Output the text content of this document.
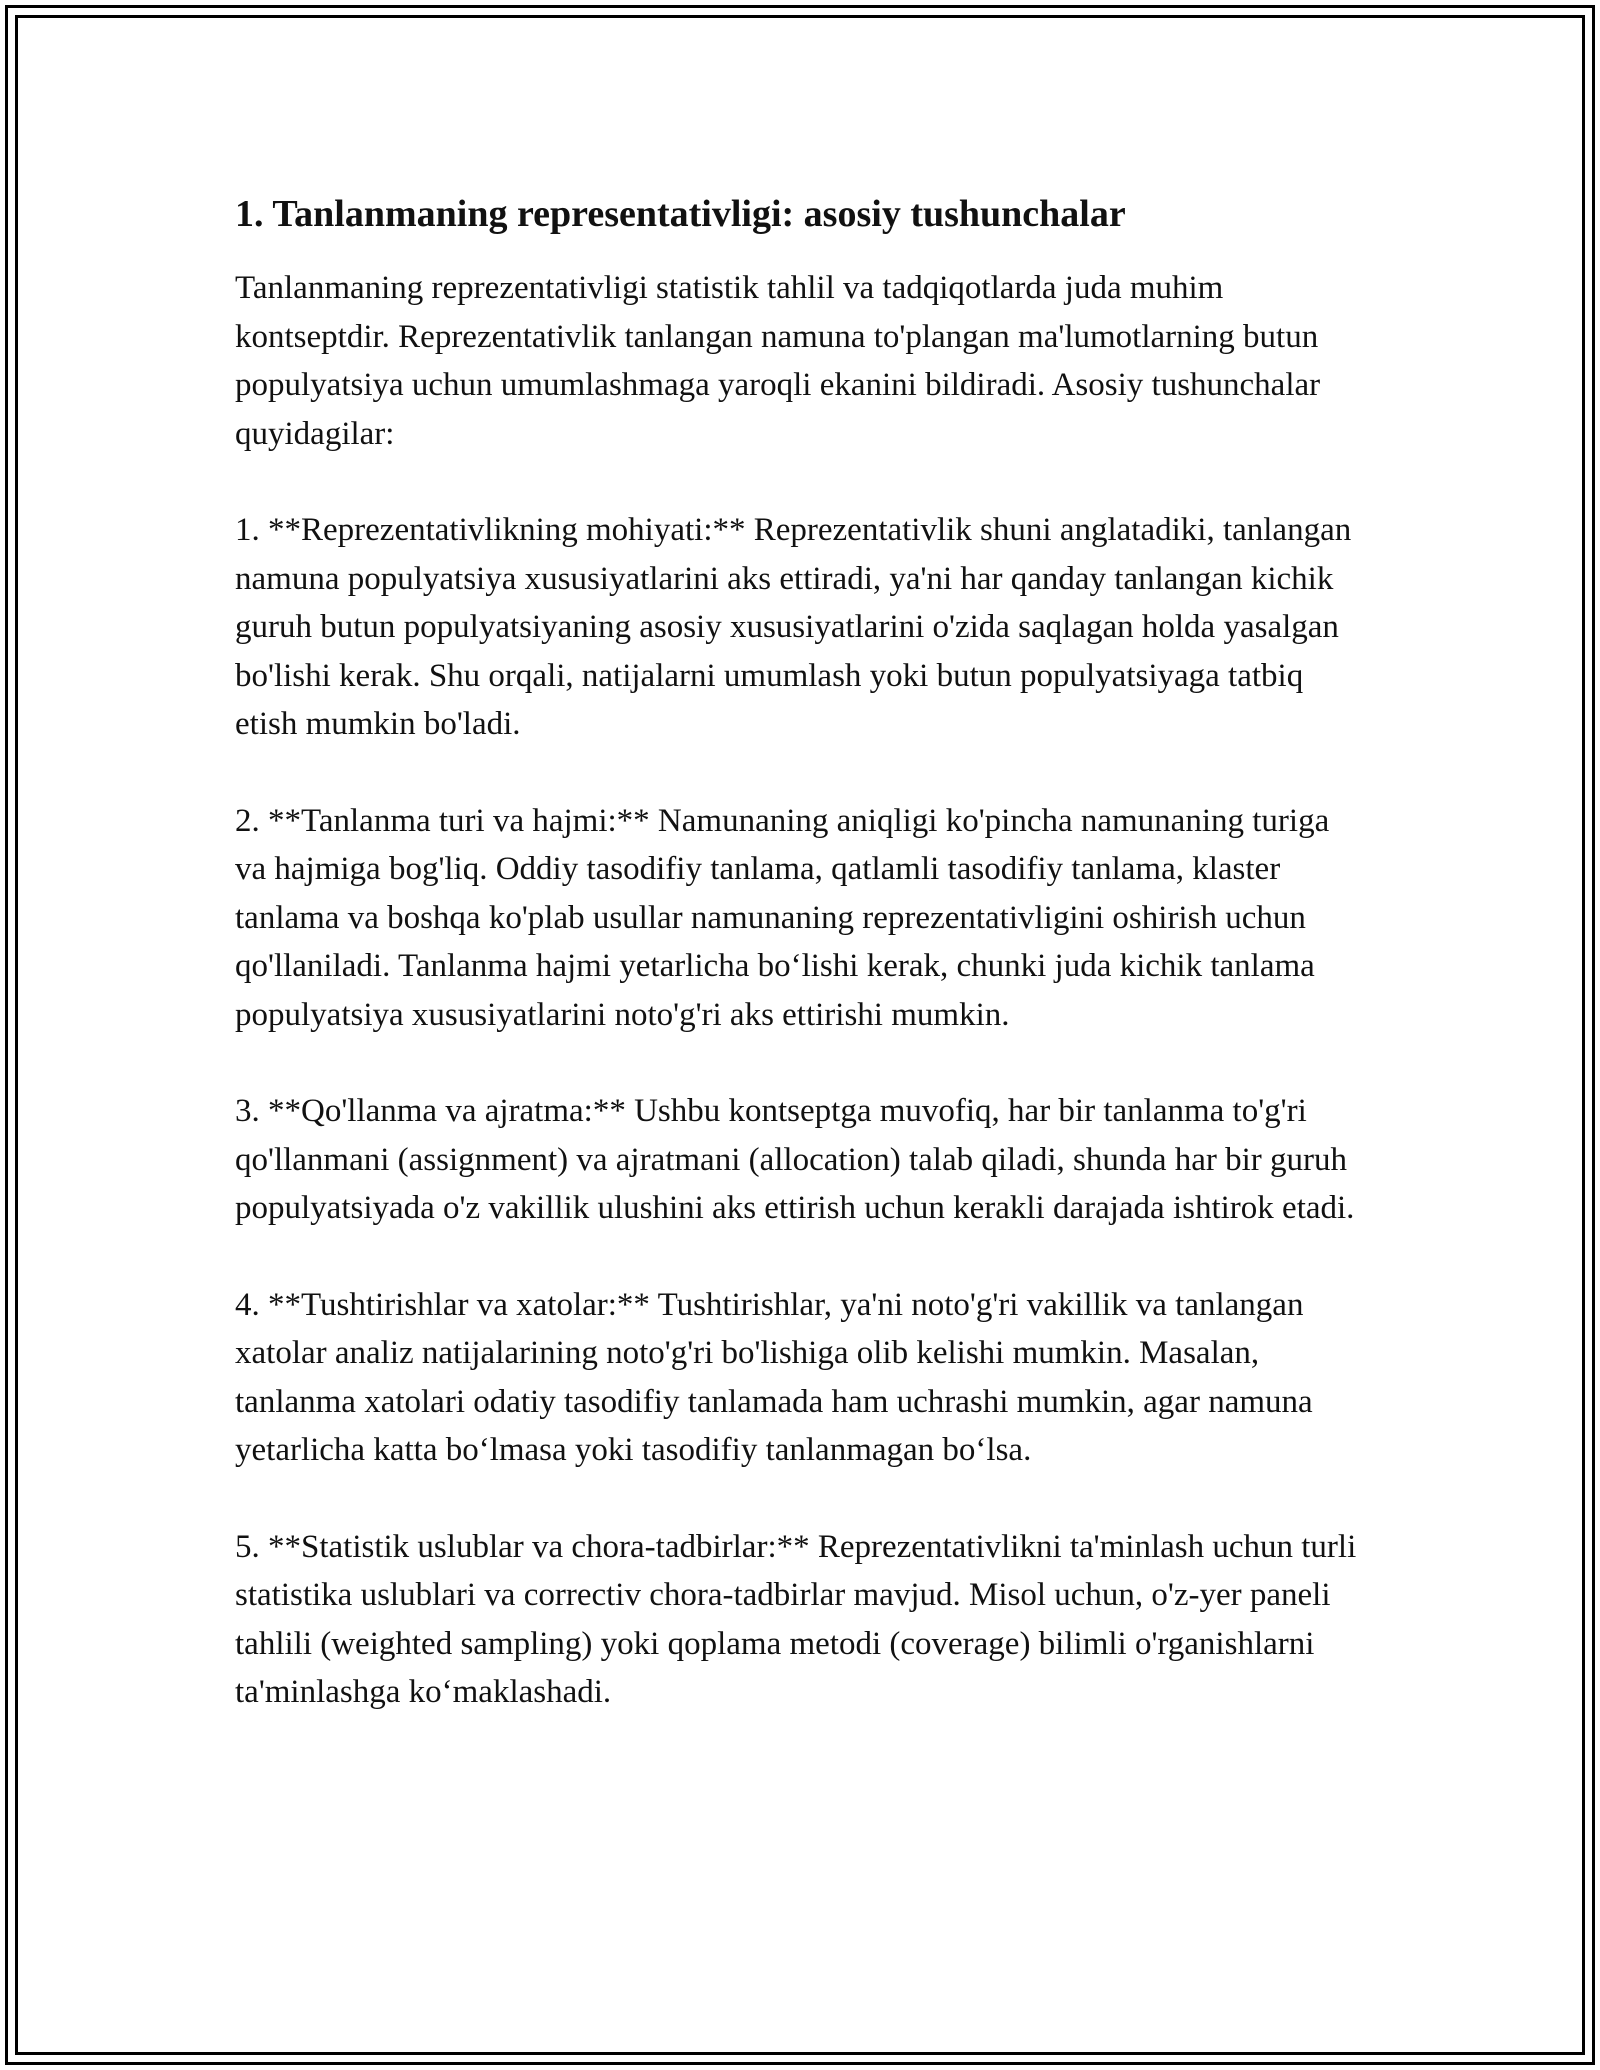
1. Tanlanmaning representativligi: asosiy tushunchalar

Tanlanmaning reprezentativligi statistik tahlil va tadqiqotlarda juda muhim kontseptdir. Reprezentativlik tanlangan namuna to'plangan ma'lumotlarning butun populyatsiya uchun umumlashmaga yaroqli ekanini bildiradi. Asosiy tushunchalar quyidagilar:

1. **Reprezentativlikning mohiyati:** Reprezentativlik shuni anglatadiki, tanlangan namuna populyatsiya xususiyatlarini aks ettiradi, ya'ni har qanday tanlangan kichik guruh butun populyatsiyaning asosiy xususiyatlarini o'zida saqlagan holda yasalgan bo'lishi kerak. Shu orqali, natijalarni umumlash yoki butun populyatsiyaga tatbiq etish mumkin bo'ladi.

2. **Tanlanma turi va hajmi:** Namunaning aniqligi ko'pincha namunaning turiga va hajmiga bog'liq. Oddiy tasodifiy tanlama, qatlamli tasodifiy tanlama, klaster tanlama va boshqa ko'plab usullar namunaning reprezentativligini oshirish uchun qo'llaniladi. Tanlanma hajmi yetarlicha bo‘lishi kerak, chunki juda kichik tanlama populyatsiya xususiyatlarini noto'g'ri aks ettirishi mumkin.

3. **Qo'llanma va ajratma:** Ushbu kontseptga muvofiq, har bir tanlanma to'g'ri qo'llanmani (assignment) va ajratmani (allocation) talab qiladi, shunda har bir guruh populyatsiyada o'z vakillik ulushini aks ettirish uchun kerakli darajada ishtirok etadi.

4. **Tushtirishlar va xatolar:** Tushtirishlar, ya'ni noto'g'ri vakillik va tanlangan xatolar analiz natijalarining noto'g'ri bo'lishiga olib kelishi mumkin. Masalan, tanlanma xatolari odatiy tasodifiy tanlamada ham uchrashi mumkin, agar namuna yetarlicha katta bo‘lmasa yoki tasodifiy tanlanmagan bo‘lsa.

5. **Statistik uslublar va chora-tadbirlar:** Reprezentativlikni ta'minlash uchun turli statistika uslublari va correctiv chora-tadbirlar mavjud. Misol uchun, o'z-yer paneli tahlili (weighted sampling) yoki qoplama metodi (coverage) bilimli o'rganishlarni ta'minlashga ko‘maklashadi.
